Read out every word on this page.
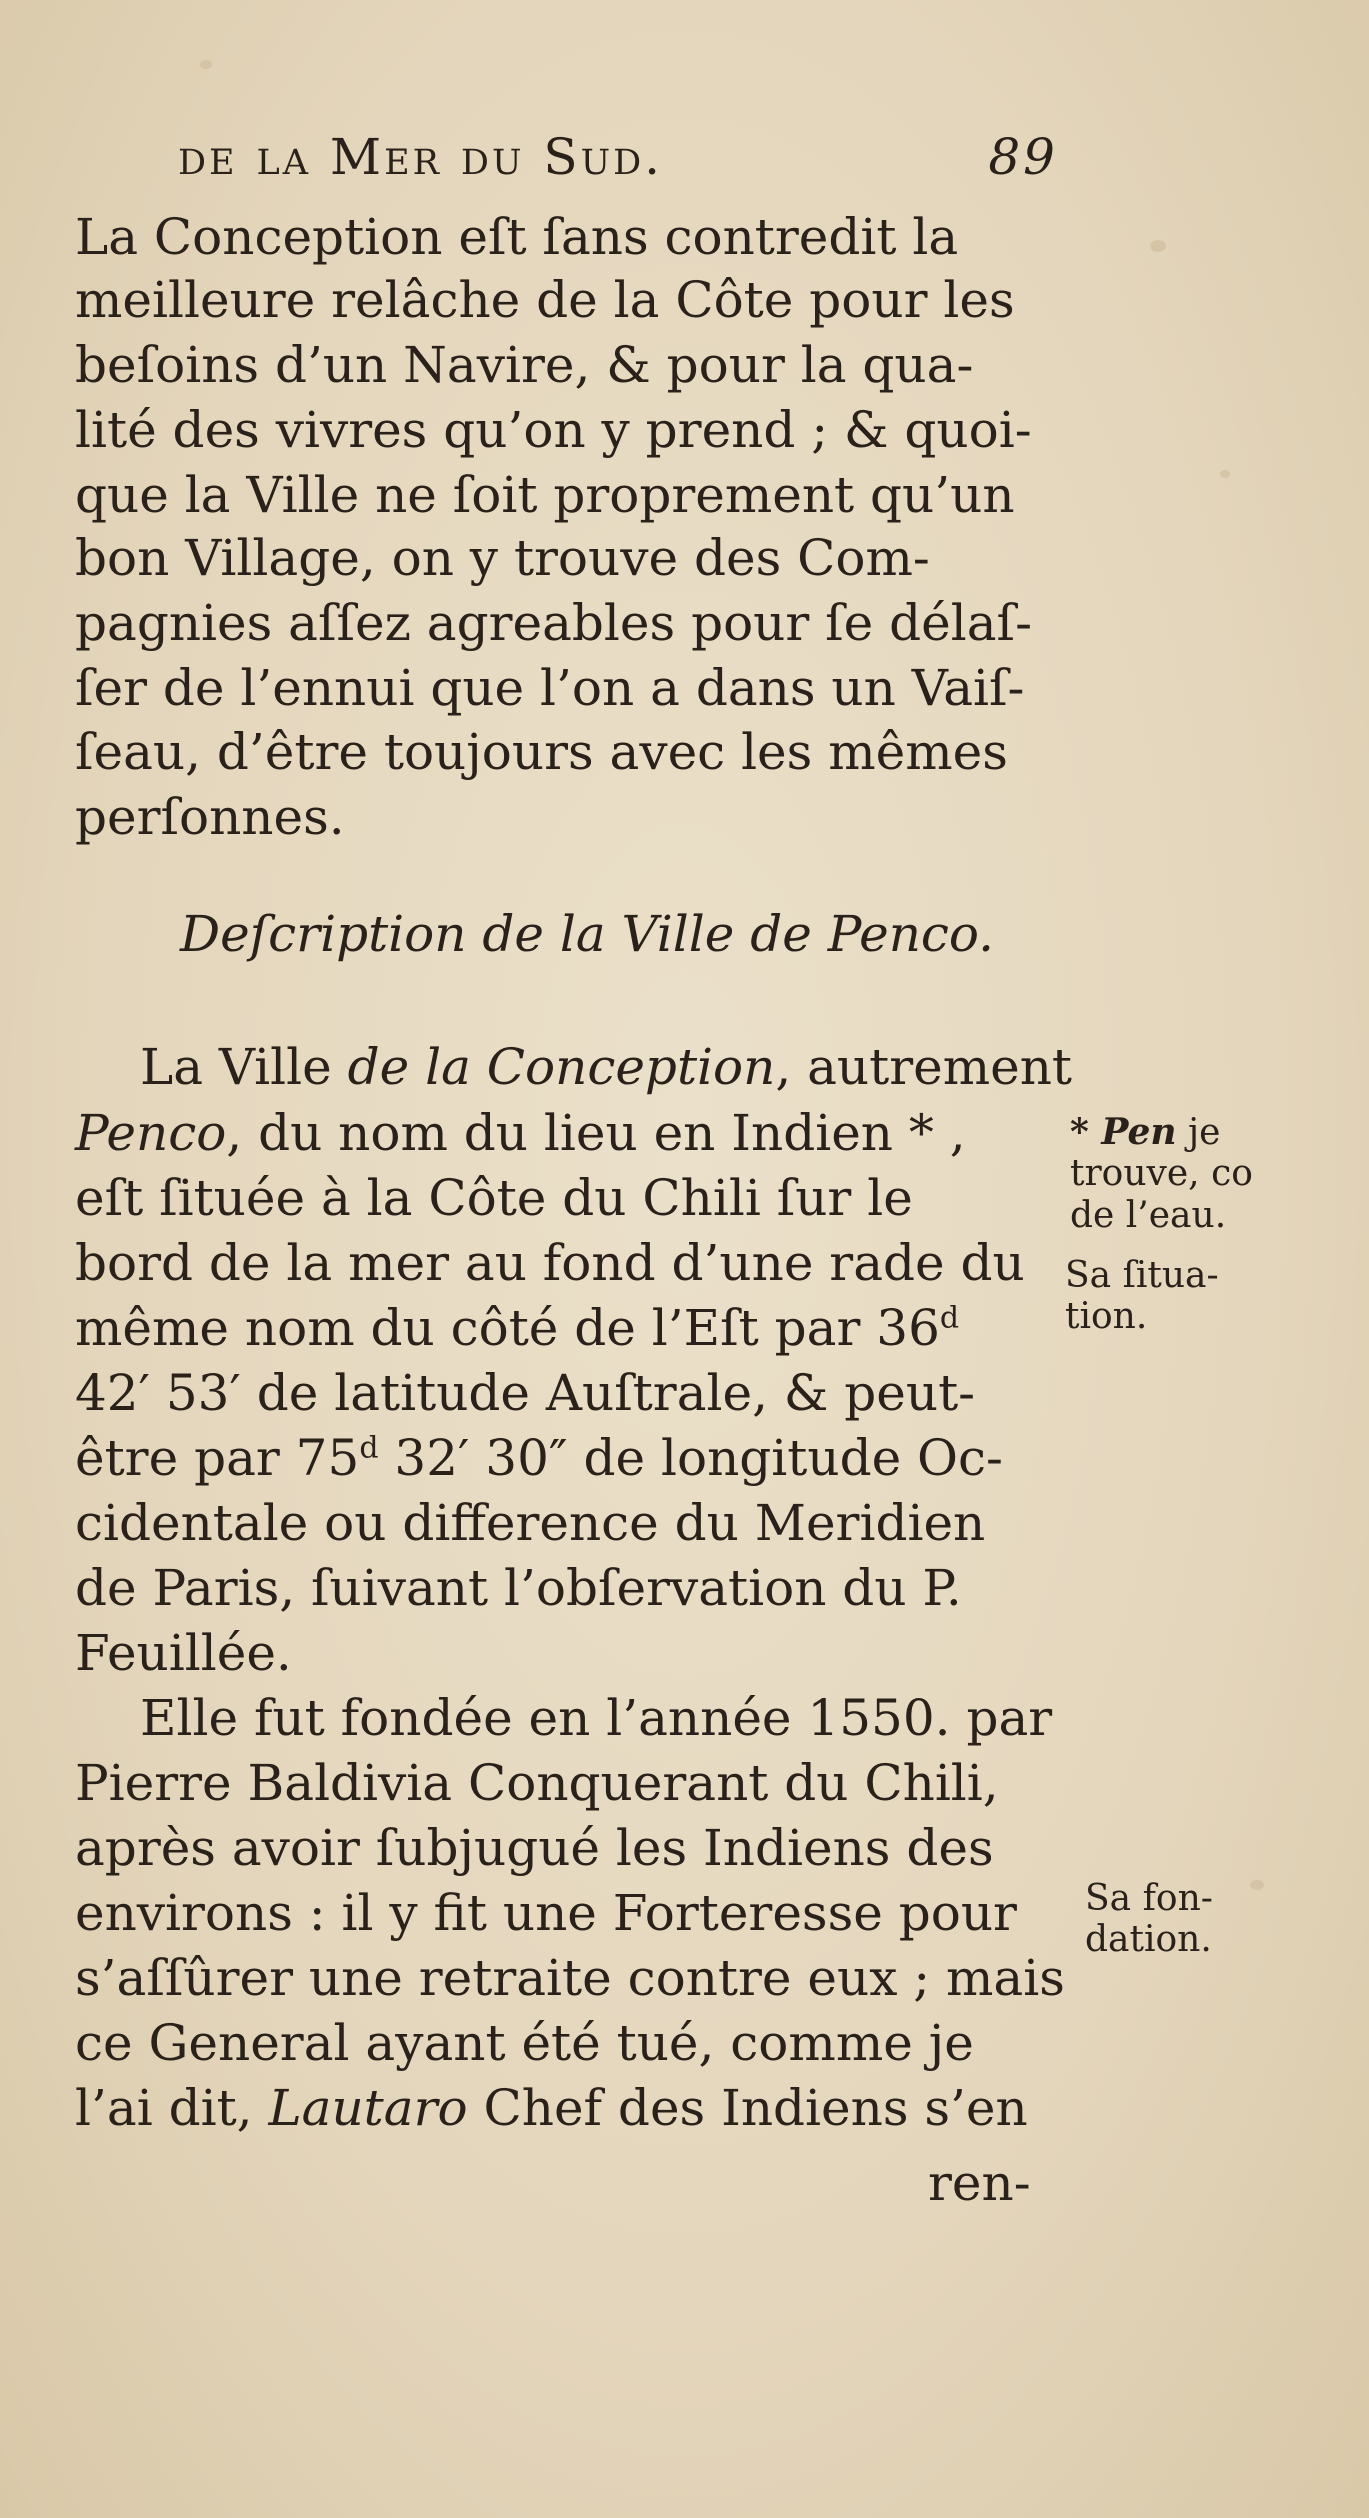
de la Mer du Sud.	89
La Conception eſt ſans contredit la
meilleure relâche de la Côte pour les
beſoins d’un Navire, & pour la qua-
lité des vivres qu’on y prend ; & quoi-
que la Ville ne ſoit proprement qu’un
bon Village, on y trouve des Com-
pagnies aſſez agreables pour ſe délaſ-
ſer de l’ennui que l’on a dans un Vaiſ-
ſeau, d’être toujours avec les mêmes
perſonnes.
Deſcription de la Ville de Penco.
La Ville de la Conception, autrement
Penco, du nom du lieu en Indien * ,
eſt ſituée à la Côte du Chili ſur le
bord de la mer au fond d’une rade du
même nom du côté de l’Eſt par 36$^d$
42′ 53′ de latitude Auſtrale, & peut-
être par 75$^d$ 32′ 30″ de longitude Oc-
cidentale ou difference du Meridien
de Paris, ſuivant l’obſervation du P.
Feuillée.
Elle fut fondée en l’année 1550. par
Pierre Baldivia Conquerant du Chili,
après avoir ſubjugué les Indiens des
environs : il y fit une Forteresse pour
s’aſſûrer une retraite contre eux ; mais
ce General ayant été tué, comme je
l’ai dit, Lautaro Chef des Indiens s’en
ren-
* Pen je
trouve, co
de l’eau.
Sa ſitua-
tion.
Sa fon-
dation.
